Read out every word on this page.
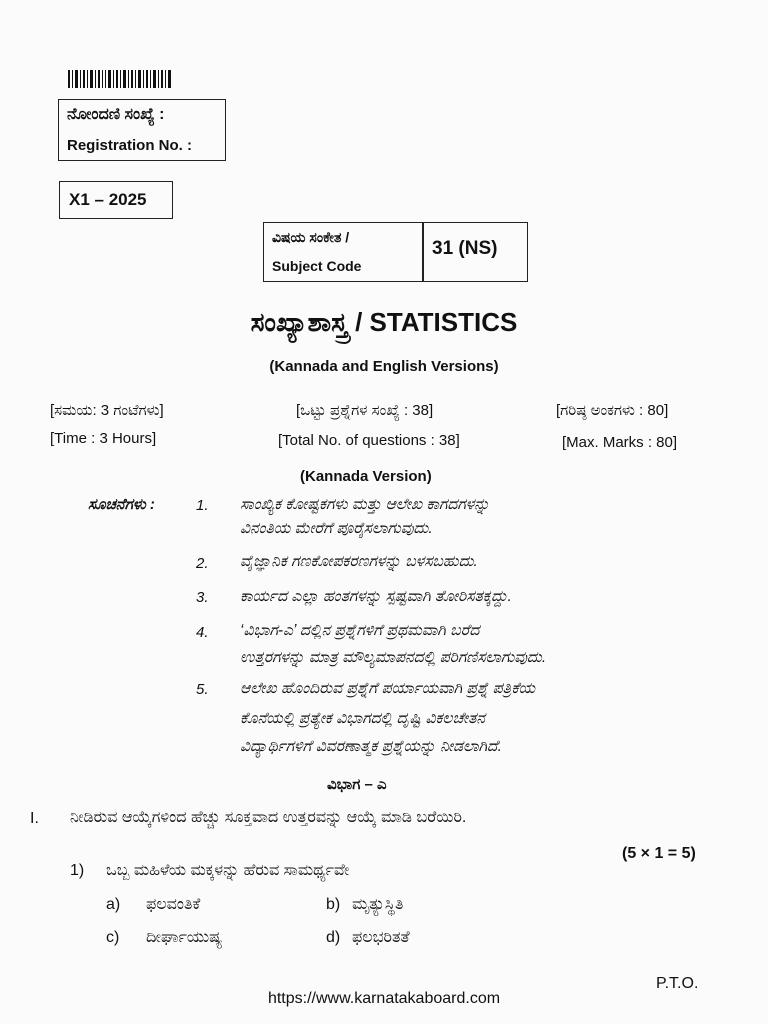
ನೋಂದಣಿ ಸಂಖ್ಯೆ :
Registration No. :
X1 – 2025
ವಿಷಯ ಸಂಕೇತ /
Subject Code
31 (NS)
ಸಂಖ್ಯಾಶಾಸ್ತ್ರ / STATISTICS
(Kannada and English Versions)
[ಸಮಯ: 3 ಗಂಟೆಗಳು]	[ಒಟ್ಟು ಪ್ರಶ್ನೆಗಳ ಸಂಖ್ಯೆ : 38]	[ಗರಿಷ್ಠ ಅಂಕಗಳು : 80]
[Time : 3 Hours]	[Total No. of questions : 38]	[Max. Marks : 80]
(Kannada Version)
ಸೂಚನೆಗಳು :	1. ಸಾಂಖ್ಯಿಕ ಕೋಷ್ಟಕಗಳು ಮತ್ತು ಆಲೇಖ ಕಾಗದಗಳನ್ನು
ವಿನಂತಿಯ ಮೇರೆಗೆ ಪೂರೈಸಲಾಗುವುದು.
2. ವೈಜ್ಞಾನಿಕ ಗಣಕೋಪಕರಣಗಳನ್ನು ಬಳಸಬಹುದು.
3. ಕಾರ್ಯದ ಎಲ್ಲಾ ಹಂತಗಳನ್ನು ಸ್ಪಷ್ಟವಾಗಿ ತೋರಿಸತಕ್ಕದ್ದು.
4. ‘ವಿಭಾಗ-ಎ’ ದಲ್ಲಿನ ಪ್ರಶ್ನೆಗಳಿಗೆ ಪ್ರಥಮವಾಗಿ ಬರೆದ
ಉತ್ತರಗಳನ್ನು ಮಾತ್ರ ಮೌಲ್ಯಮಾಪನದಲ್ಲಿ ಪರಿಗಣಿಸಲಾಗುವುದು.
5. ಆಲೇಖ ಹೊಂದಿರುವ ಪ್ರಶ್ನೆಗೆ ಪರ್ಯಾಯವಾಗಿ ಪ್ರಶ್ನೆ ಪತ್ರಿಕೆಯ
ಕೊನೆಯಲ್ಲಿ ಪ್ರತ್ಯೇಕ ವಿಭಾಗದಲ್ಲಿ ದೃಷ್ಟಿ ವಿಕಲಚೇತನ
ವಿದ್ಯಾರ್ಥಿಗಳಿಗೆ ವಿವರಣಾತ್ಮಕ ಪ್ರಶ್ನೆಯನ್ನು ನೀಡಲಾಗಿದೆ.
ವಿಭಾಗ – ಎ
I. ನೀಡಿರುವ ಆಯ್ಕೆಗಳಿಂದ ಹೆಚ್ಚು ಸೂಕ್ತವಾದ ಉತ್ತರವನ್ನು ಆಯ್ಕೆ ಮಾಡಿ ಬರೆಯಿರಿ.
(5 × 1 = 5)
1) ಒಬ್ಬ ಮಹಿಳೆಯ ಮಕ್ಕಳನ್ನು ಹೆರುವ ಸಾಮರ್ಥ್ಯವೇ
a) ಫಲವಂತಿಕೆ	b) ಮೃತ್ಯುಸ್ಥಿತಿ
c) ದೀರ್ಘಾಯುಷ್ಯ	d) ಫಲಭರಿತತೆ
P.T.O.
https://www.karnatakaboard.com
